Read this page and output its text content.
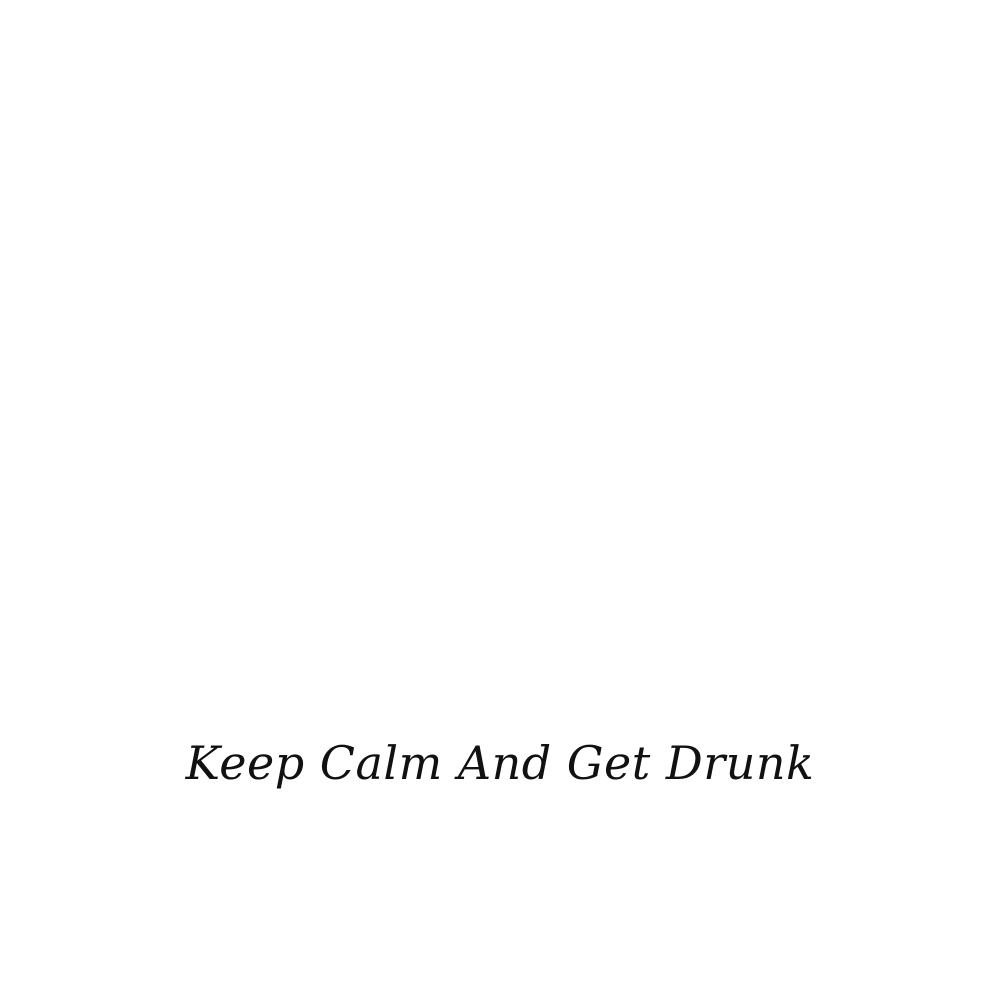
Keep Calm And Get Drunk
